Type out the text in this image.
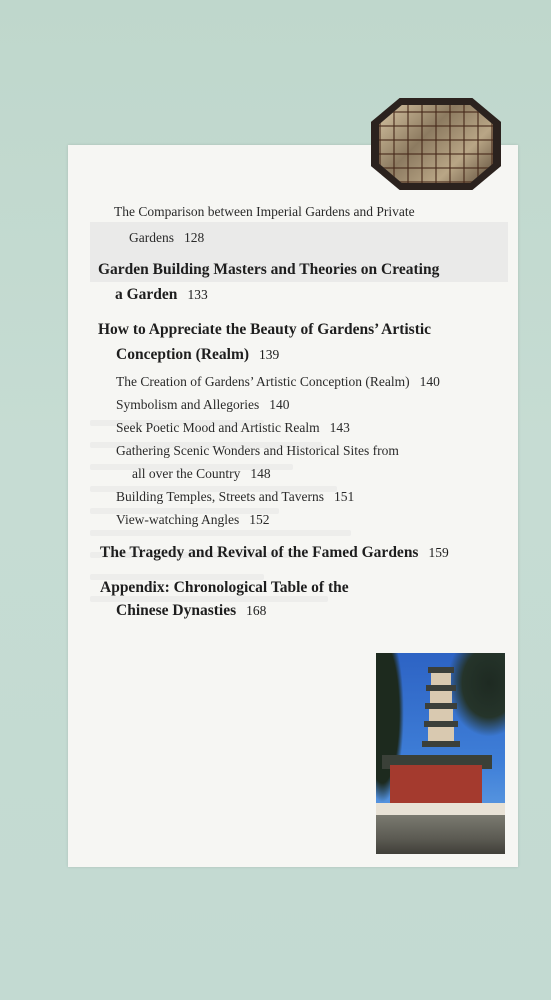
The Comparison between Imperial Gardens and Private
Gardens 128
Garden Building Masters and Theories on Creating
a Garden 133
How to Appreciate the Beauty of Gardens’ Artistic
Conception (Realm) 139
The Creation of Gardens’ Artistic Conception (Realm) 140
Symbolism and Allegories 140
Seek Poetic Mood and Artistic Realm 143
Gathering Scenic Wonders and Historical Sites from
all over the Country 148
Building Temples, Streets and Taverns 151
View-watching Angles 152
The Tragedy and Revival of the Famed Gardens 159
Appendix: Chronological Table of the
Chinese Dynasties 168
